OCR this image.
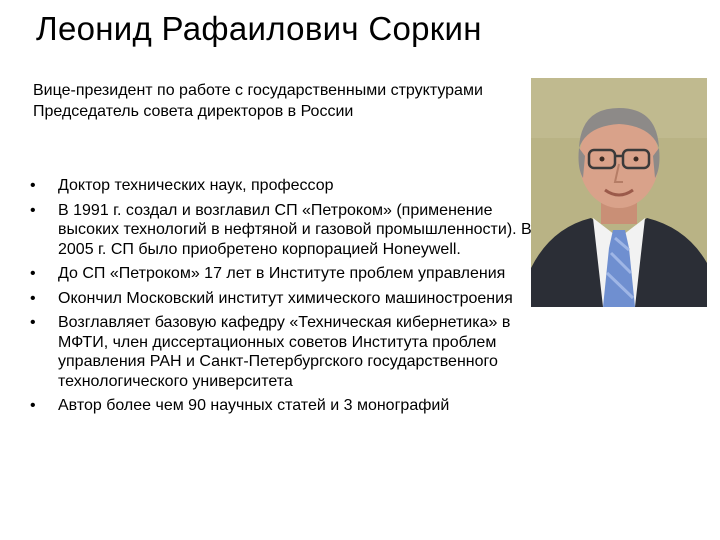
Леонид Рафаилович Соркин
Вице-президент по работе с государственными структурами
Председатель совета директоров в России
•	Доктор технических наук, профессор
•	В 1991 г. создал и возглавил СП «Петроком» (применение высоких технологий в нефтяной и газовой промышленности). В 2005 г. СП было приобретено корпорацией Honeywell.
•	До СП «Петроком» 17 лет в Институте проблем управления
•	Окончил Московский институт химического машиностроения
•	Возглавляет базовую кафедру «Техническая кибернетика» в МФТИ, член диссертационных советов Института проблем управления РАН и Санкт-Петербургского государственного технологического университета
•	Автор более чем 90 научных статей и 3 монографий
